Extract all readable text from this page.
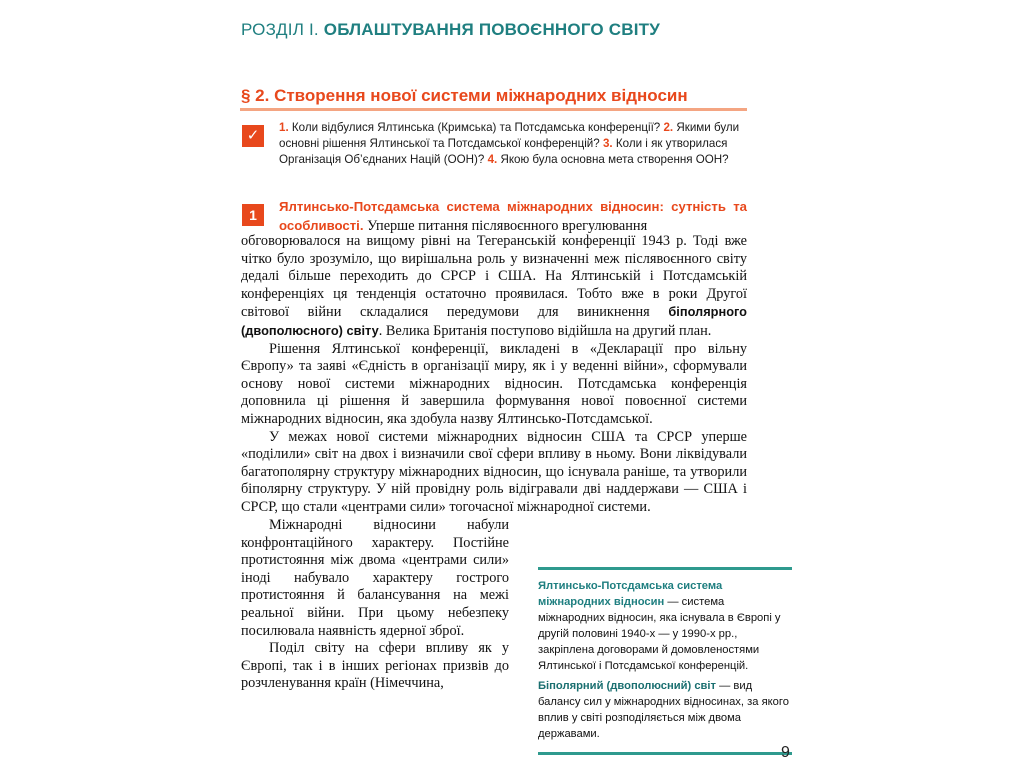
РОЗДІЛ І. ОБЛАШТУВАННЯ ПОВОЄННОГО СВІТУ
§ 2. Створення нової системи міжнародних відносин
✓	1. Коли відбулися Ялтинська (Кримська) та Потсдамська конференції? 2. Якими були основні рішення Ялтинської та Потсдамської конференцій? 3. Коли і як утворилася Організація Об’єднаних Націй (ООН)? 4. Якою була основна мета створення ООН?
1
Ялтинсько-Потсдамська система міжнародних відносин: сутність та особливості. Уперше питання післявоєнного врегулювання

обговорювалося на вищому рівні на Тегеранській конференції 1943 р. Тоді вже чітко було зрозуміло, що вирішальна роль у визначенні меж післявоєнного світу дедалі більше переходить до СРСР і США. На Ялтинській і Потсдамській конференціях ця тенденція остаточно проявилася. Тобто вже в роки Другої світової війни складалися передумови для виникнення біполярного (двополюсного) світу. Велика Британія поступово відійшла на другий план.

Рішення Ялтинської конференції, викладені в «Декларації про вільну Європу» та заяві «Єдність в організації миру, як і у веденні війни», сформували основу нової системи міжнародних відносин. Потсдамська конференція доповнила ці рішення й завершила формування нової повоєнної системи міжнародних відносин, яка здобула назву Ялтинсько-Потсдамської.

У межах нової системи міжнародних відносин США та СРСР уперше «поділили» світ на двох і визначили свої сфери впливу в ньому. Вони ліквідували багатополярну структуру міжнародних відносин, що існувала раніше, та утворили біполярну структуру. У ній провідну роль відігравали дві наддержави — США і СРСР, що стали «центрами сили» тогочасної міжнародної системи.

Міжнародні відносини набули конфронтаційного характеру. Постійне протистояння між двома «центрами сили» іноді набувало характеру гострого протистояння й балансування на межі реальної війни. При цьому небезпеку посилювала наявність ядерної зброї.

Поділ світу на сфери впливу як у Європі, так і в інших регіонах призвів до розчленування країн (Німеччина,

Ялтинсько-Потсдамська система міжнародних відносин — система міжнародних відносин, яка існувала в Європі у другій половині 1940-х — у 1990-х рр., закріплена договорами й домовленостями Ялтинської і Потсдамської конференцій.

Біполярний (двополюсний) світ — вид балансу сил у міжнародних відносинах, за якого вплив у світі розподіляється між двома державами.

9
